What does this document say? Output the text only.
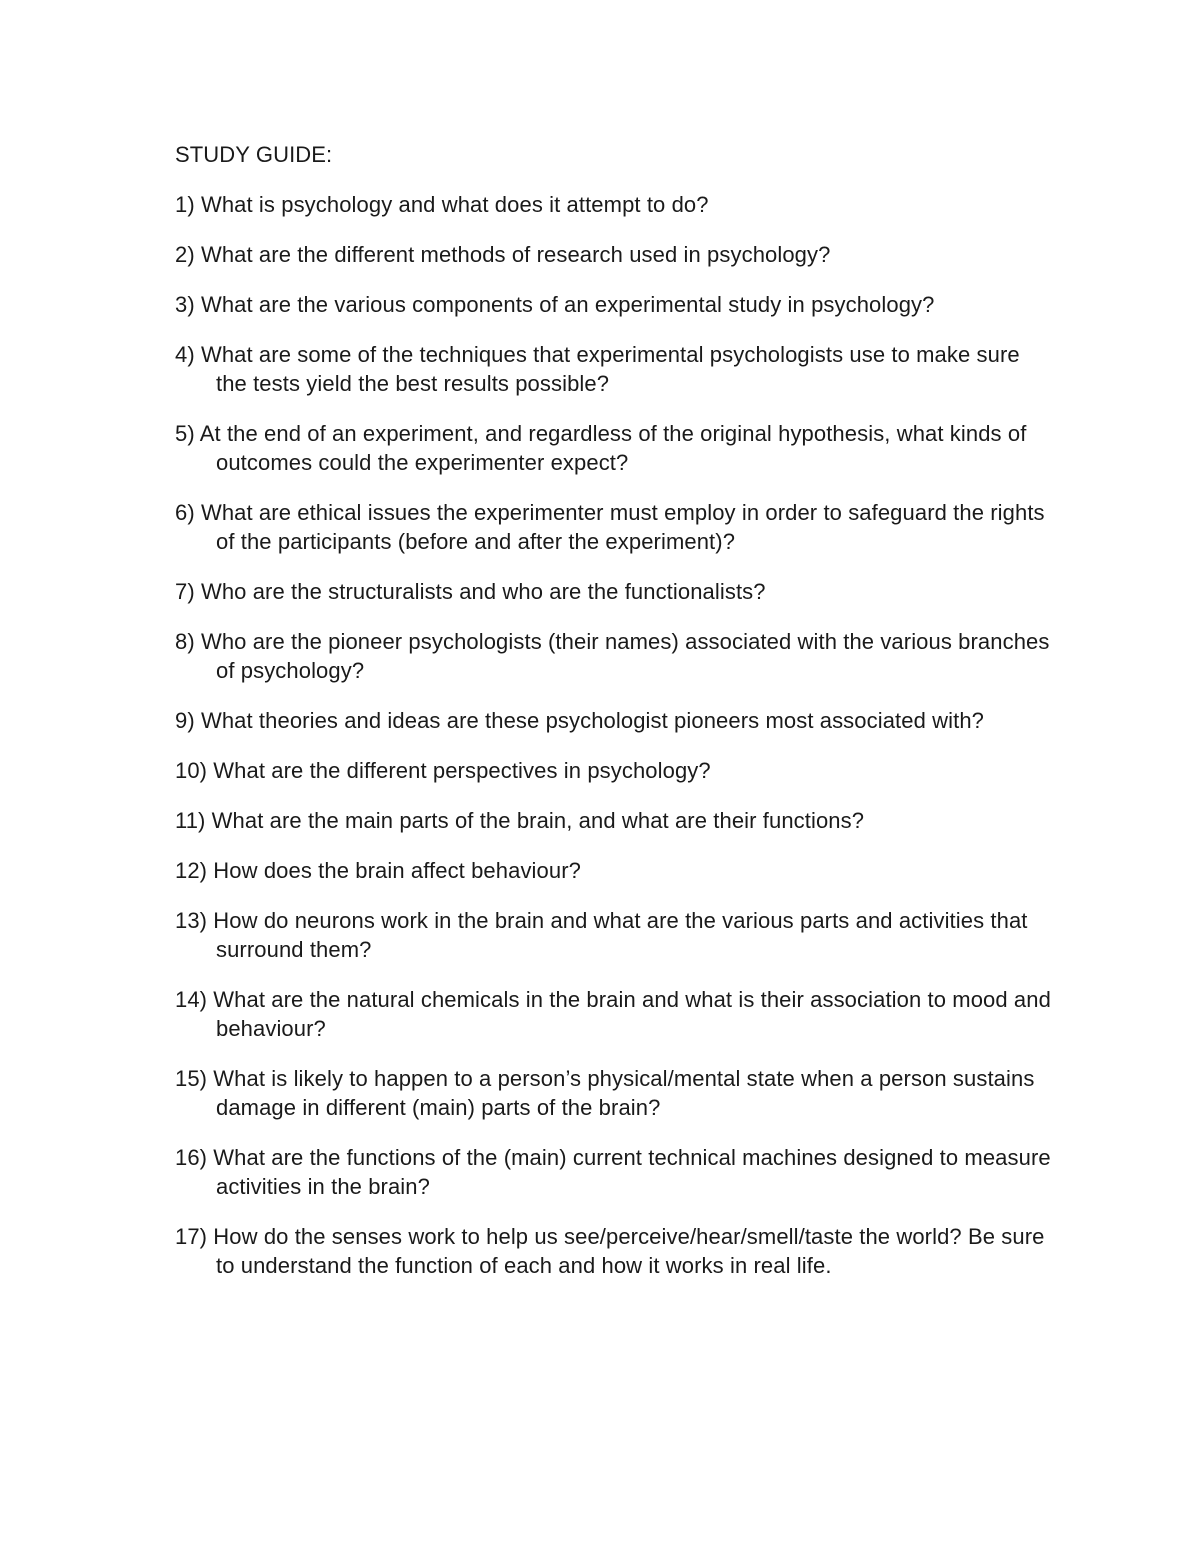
STUDY GUIDE:
1) What is psychology and what does it attempt to do?
2) What are the different methods of research used in psychology?
3) What are the various components of an experimental study in psychology?
4) What are some of the techniques that experimental psychologists use to make sure the tests yield the best results possible?
5) At the end of an experiment, and regardless of the original hypothesis, what kinds of outcomes could the experimenter expect?
6) What are ethical issues the experimenter must employ in order to safeguard the rights of the participants (before and after the experiment)?
7) Who are the structuralists and who are the functionalists?
8) Who are the pioneer psychologists (their names) associated with the various branches of psychology?
9) What theories and ideas are these psychologist pioneers most associated with?
10) What are the different perspectives in psychology?
11) What are the main parts of the brain, and what are their functions?
12) How does the brain affect behaviour?
13) How do neurons work in the brain and what are the various parts and activities that surround them?
14) What are the natural chemicals in the brain and what is their association to mood and behaviour?
15) What is likely to happen to a person’s physical/mental state when a person sustains damage in different (main) parts of the brain?
16) What are the functions of the (main) current technical machines designed to measure activities in the brain?
17) How do the senses work to help us see/perceive/hear/smell/taste the world? Be sure to understand the function of each and how it works in real life.
